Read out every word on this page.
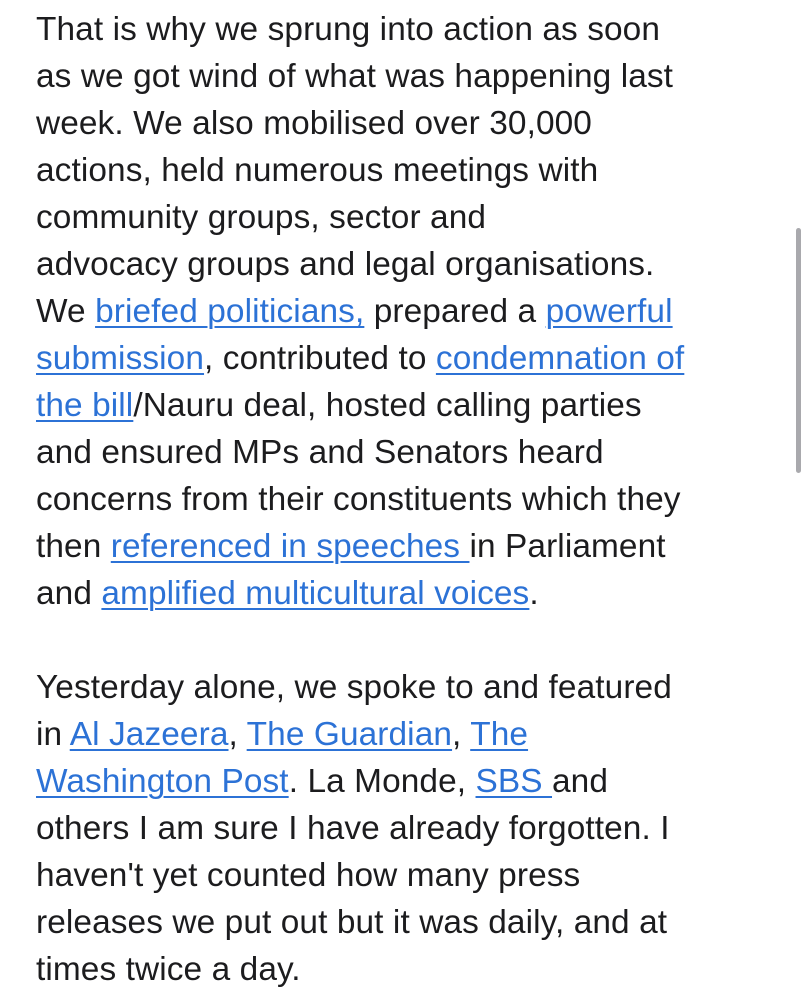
That is why we sprung into action as soon
as we got wind of what was happening last
week. We also mobilised over 30,000
actions, held numerous meetings with
community groups, sector and
advocacy groups and legal organisations.
We briefed politicians, prepared a powerful
submission, contributed to condemnation of
the bill/Nauru deal, hosted calling parties
and ensured MPs and Senators heard
concerns from their constituents which they
then referenced in speeches in Parliament
and amplified multicultural voices.
Yesterday alone, we spoke to and featured
in Al Jazeera, The Guardian, The
Washington Post. La Monde, SBS and
others I am sure I have already forgotten. I
haven't yet counted how many press
releases we put out but it was daily, and at
times twice a day.
